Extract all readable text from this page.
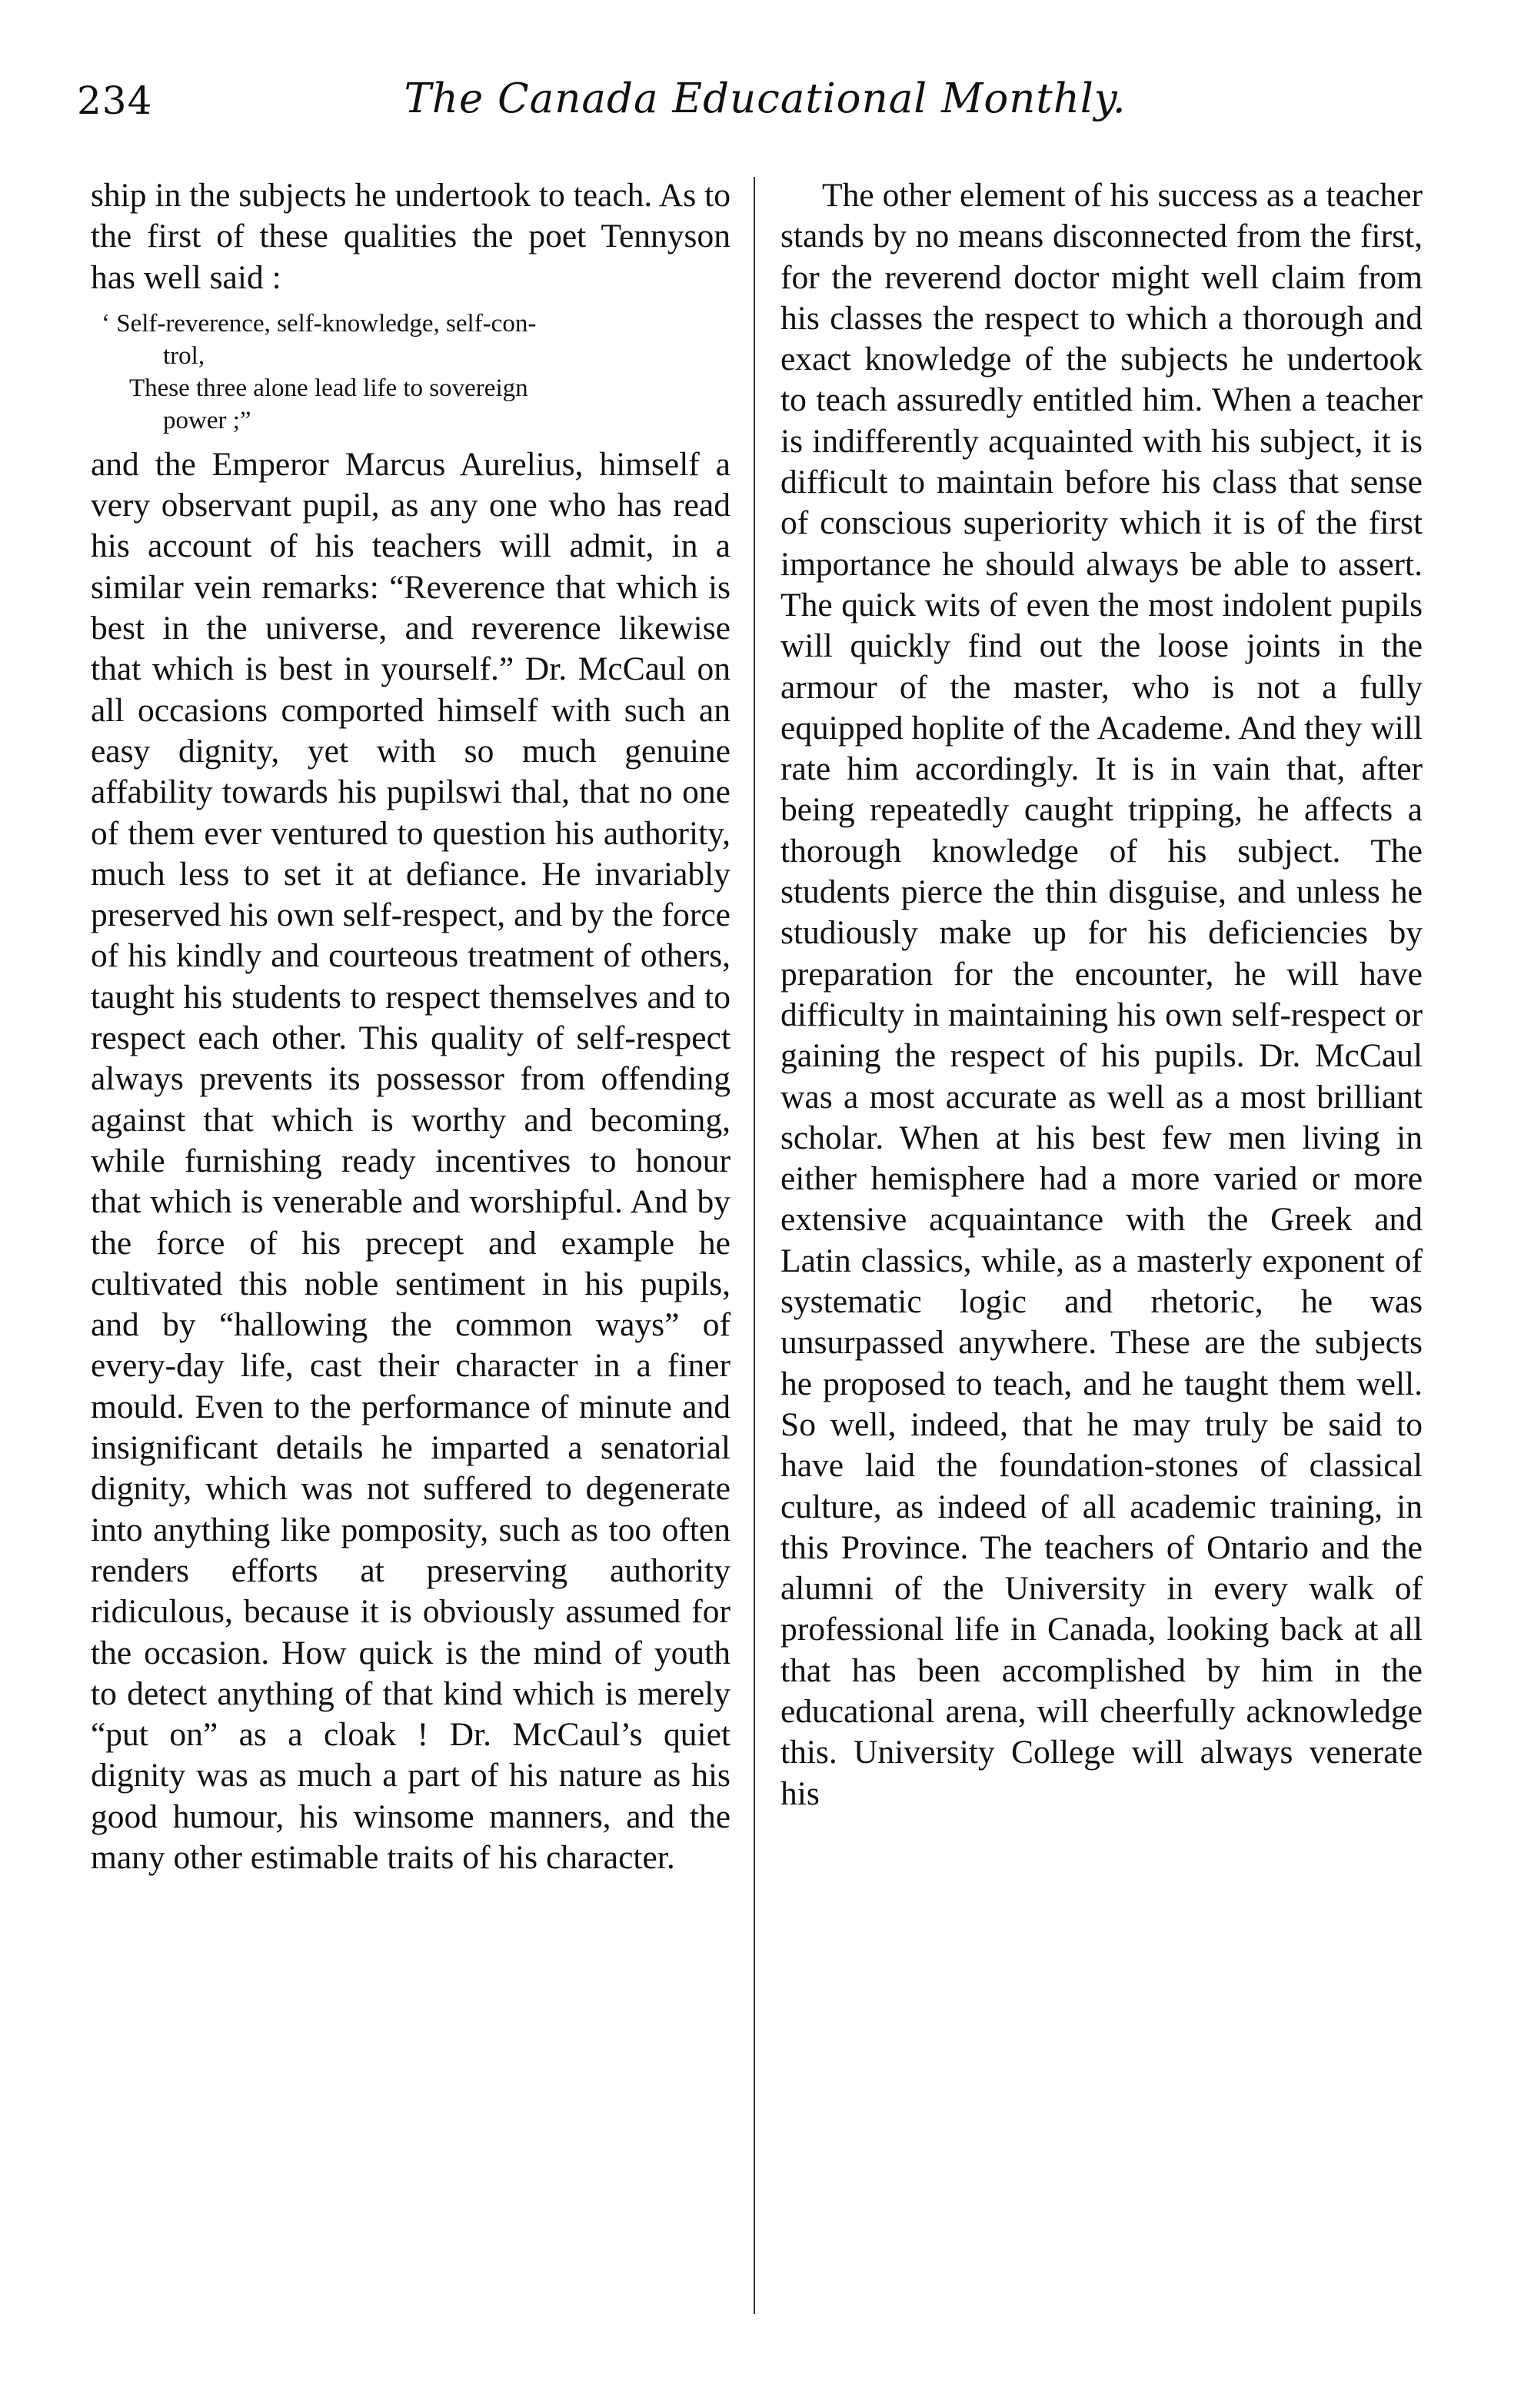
234	The Canada Educational Monthly.

ship in the subjects he undertook to teach. As to the first of these qualities the poet Tennyson has well said :

‘ Self-reverence, self-knowledge, self-con-
trol,
These three alone lead life to sovereign
power ;”

and the Emperor Marcus Aurelius, himself a very observant pupil, as any one who has read his account of his teachers will admit, in a similar vein remarks: “Reverence that which is best in the universe, and reverence likewise that which is best in yourself.” Dr. McCaul on all occasions comported himself with such an easy dignity, yet with so much genuine affability towards his pupilswi thal, that no one of them ever ventured to question his authority, much less to set it at defiance. He invariably preserved his own self-respect, and by the force of his kindly and courteous treatment of others, taught his students to respect themselves and to respect each other. This quality of self-respect always prevents its possessor from offending against that which is worthy and becoming, while furnishing ready incentives to honour that which is venerable and worshipful. And by the force of his precept and example he cultivated this noble sentiment in his pupils, and by “hallowing the common ways” of every-day life, cast their character in a finer mould. Even to the performance of minute and insignificant details he imparted a senatorial dignity, which was not suffered to degenerate into anything like pomposity, such as too often renders efforts at preserving authority ridiculous, because it is obviously assumed for the occasion. How quick is the mind of youth to detect anything of that kind which is merely “put on” as a cloak ! Dr. McCaul’s quiet dignity was as much a part of his nature as his good humour, his winsome manners, and the many other estimable traits of his character.

The other element of his success as a teacher stands by no means disconnected from the first, for the reverend doctor might well claim from his classes the respect to which a thorough and exact knowledge of the subjects he undertook to teach assuredly entitled him. When a teacher is indifferently acquainted with his subject, it is difficult to maintain before his class that sense of conscious superiority which it is of the first importance he should always be able to assert. The quick wits of even the most indolent pupils will quickly find out the loose joints in the armour of the master, who is not a fully equipped hoplite of the Academe. And they will rate him accordingly. It is in vain that, after being repeatedly caught tripping, he affects a thorough knowledge of his subject. The students pierce the thin disguise, and unless he studiously make up for his deficiencies by preparation for the encounter, he will have difficulty in maintaining his own self-respect or gaining the respect of his pupils. Dr. McCaul was a most accurate as well as a most brilliant scholar. When at his best few men living in either hemisphere had a more varied or more extensive acquaintance with the Greek and Latin classics, while, as a masterly exponent of systematic logic and rhetoric, he was unsurpassed anywhere. These are the subjects he proposed to teach, and he taught them well. So well, indeed, that he may truly be said to have laid the foundation-stones of classical culture, as indeed of all academic training, in this Province. The teachers of Ontario and the alumni of the University in every walk of professional life in Canada, looking back at all that has been accomplished by him in the educational arena, will cheerfully acknowledge this. University College will always venerate his
